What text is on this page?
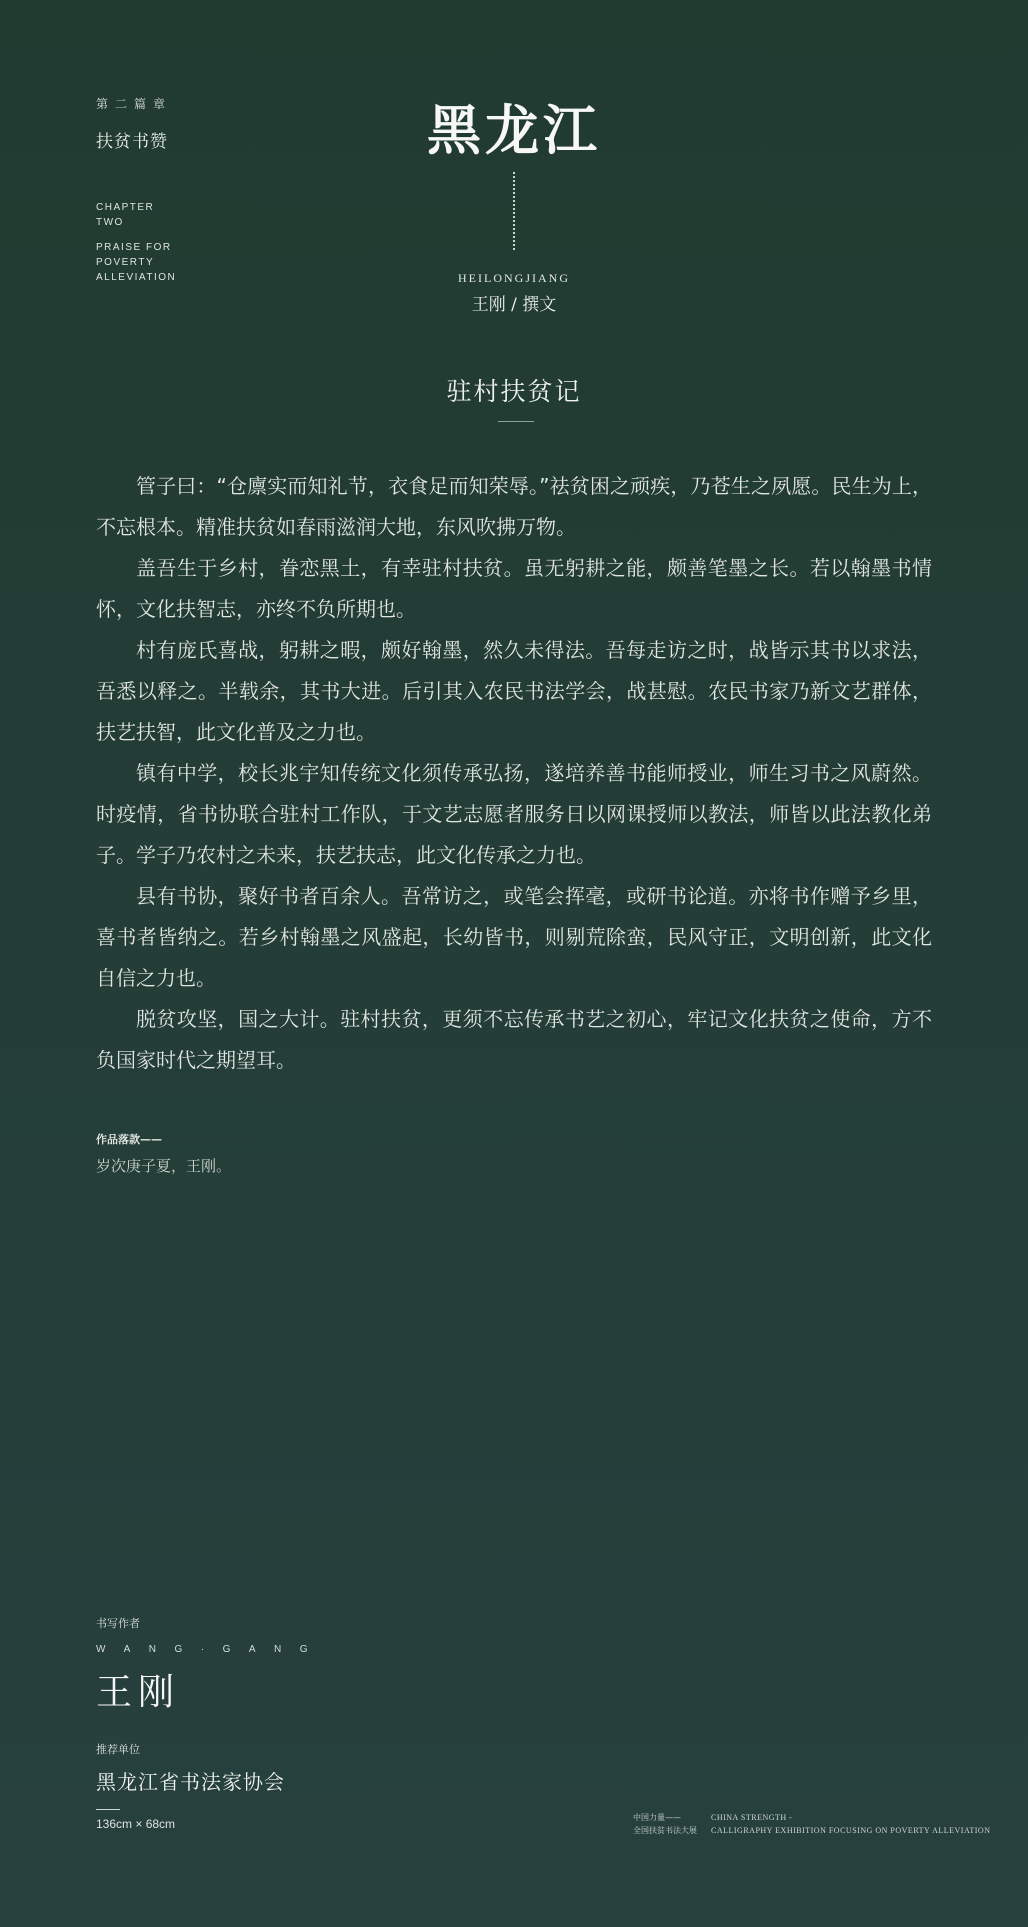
第二篇章
扶贫书赞
CHAPTER
TWO
PRAISE FOR
POVERTY
ALLEVIATION
黑龙江
HEILONGJIANG
王刚 / 撰文
驻村扶贫记

管子曰：“仓廪实而知礼节，衣食足而知荣辱。”祛贫困之顽疾，乃苍生之夙愿。民生为上，不忘根本。精准扶贫如春雨滋润大地，东风吹拂万物。

盖吾生于乡村，眷恋黑土，有幸驻村扶贫。虽无躬耕之能，颇善笔墨之长。若以翰墨书情怀，文化扶智志，亦终不负所期也。

村有庞氏喜战，躬耕之暇，颇好翰墨，然久未得法。吾每走访之时，战皆示其书以求法，吾悉以释之。半载余，其书大进。后引其入农民书法学会，战甚慰。农民书家乃新文艺群体，扶艺扶智，此文化普及之力也。

镇有中学，校长兆宇知传统文化须传承弘扬，遂培养善书能师授业，师生习书之风蔚然。时疫情，省书协联合驻村工作队，于文艺志愿者服务日以网课授师以教法，师皆以此法教化弟子。学子乃农村之未来，扶艺扶志，此文化传承之力也。

县有书协，聚好书者百余人。吾常访之，或笔会挥毫，或研书论道。亦将书作赠予乡里，喜书者皆纳之。若乡村翰墨之风盛起，长幼皆书，则剔荒除蛮，民风守正，文明创新，此文化自信之力也。

脱贫攻坚，国之大计。驻村扶贫，更须不忘传承书艺之初心，牢记文化扶贫之使命，方不负国家时代之期望耳。

作品落款——
岁次庚子夏，王刚。
书写作者
WANG·GANG
王刚
推荐单位
黑龙江省书法家协会
136cm × 68cm	中国力量——
全国扶贫书法大展
CHINA STRENGTH -
CALLIGRAPHY EXHIBITION FOCUSING ON POVERTY ALLEVIATION
